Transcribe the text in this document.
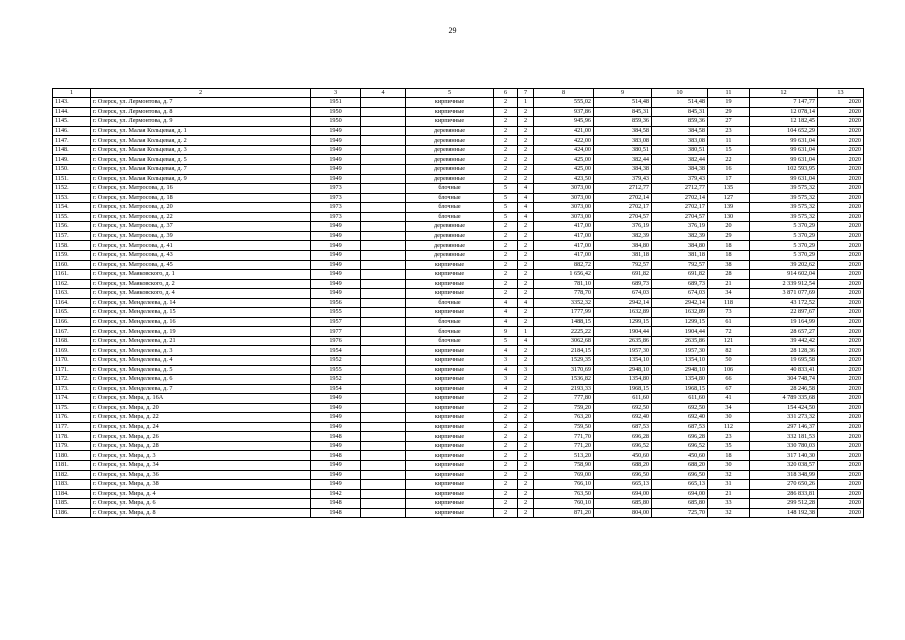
29
1	2	3	4	5	6	7	8	9	10	11	12	13
1143.	г. Озерск, ул. Лермонтова, д. 7	1951		кирпичные	2	1	555,02	514,48	514,48	19	7 147,77	2020
1144.	г. Озерск, ул. Лермонтова, д. 8	1950		кирпичные	2	2	937,86	845,31	845,31	29	12 078,14	2020
1145.	г. Озерск, ул. Лермонтова, д. 9	1950		кирпичные	2	2	945,96	859,36	859,36	27	12 182,45	2020
1146.	г. Озерск, ул. Малая Кольцевая, д. 1	1949		деревянные	2	2	421,00	384,58	384,58	23	104 652,29	2020
1147.	г. Озерск, ул. Малая Кольцевая, д. 2	1949		деревянные	2	2	422,00	383,08	383,08	11	99 631,04	2020
1148.	г. Озерск, ул. Малая Кольцевая, д. 3	1949		деревянные	2	2	424,00	380,51	380,51	15	99 631,04	2020
1149.	г. Озерск, ул. Малая Кольцевая, д. 5	1949		деревянные	2	2	425,00	382,44	382,44	22	99 631,04	2020
1150.	г. Озерск, ул. Малая Кольцевая, д. 7	1949		деревянные	2	2	425,00	384,38	384,38	16	102 593,95	2020
1151.	г. Озерск, ул. Малая Кольцевая, д. 9	1949		деревянные	2	2	423,50	379,43	379,43	17	99 631,04	2020
1152.	г. Озерск, ул. Матросова, д. 16	1973		блочные	5	4	3073,00	2712,77	2712,77	135	39 575,32	2020
1153.	г. Озерск, ул. Матросова, д. 18	1973		блочные	5	4	3073,00	2702,14	2702,14	127	39 575,32	2020
1154.	г. Озерск, ул. Матросова, д. 20	1973		блочные	5	4	3073,00	2702,17	2702,17	139	39 575,32	2020
1155.	г. Озерск, ул. Матросова, д. 22	1973		блочные	5	4	3073,00	2704,57	2704,57	130	39 575,32	2020
1156.	г. Озерск, ул. Матросова, д. 37	1949		деревянные	2	2	417,00	376,19	376,19	20	5 370,29	2020
1157.	г. Озерск, ул. Матросова, д. 39	1949		деревянные	2	2	417,00	382,39	382,39	29	5 370,29	2020
1158.	г. Озерск, ул. Матросова, д. 41	1949		деревянные	2	2	417,00	384,80	384,80	18	5 370,29	2020
1159.	г. Озерск, ул. Матросова, д. 43	1949		деревянные	2	2	417,00	381,18	381,18	18	5 370,29	2020
1160.	г. Озерск, ул. Матросова, д. 45	1949		кирпичные	2	2	882,72	792,57	792,57	38	39 202,62	2020
1161.	г. Озерск, ул. Маяковского, д. 1	1949		кирпичные	2	2	1 656,42	691,82	691,82	28	914 602,04	2020
1162.	г. Озерск, ул. Маяковского, д. 2	1949		кирпичные	2	2	781,10	689,73	689,73	21	2 339 912,54	2020
1163.	г. Озерск, ул. Маяковского, д. 4	1949		кирпичные	2	2	778,70	674,03	674,03	34	3 871 077,69	2020
1164.	г. Озерск, ул. Менделеева, д. 14	1956		блочные	4	4	3352,32	2942,14	2942,14	118	43 172,52	2020
1165.	г. Озерск, ул. Менделеева, д. 15	1955		кирпичные	4	2	1777,99	1632,89	1632,89	73	22 897,67	2020
1166.	г. Озерск, ул. Менделеева, д. 16	1957		блочные	4	2	1488,15	1299,15	1299,15	61	19 164,99	2020
1167.	г. Озерск, ул. Менделеева, д. 19	1977		блочные	9	1	2225,22	1904,44	1904,44	72	28 657,27	2020
1168.	г. Озерск, ул. Менделеева, д. 21	1976		блочные	5	4	3062,68	2635,86	2635,86	121	39 442,42	2020
1169.	г. Озерск, ул. Менделеева, д. 3	1954		кирпичные	4	2	2184,15	1957,30	1957,30	82	28 128,36	2020
1170.	г. Озерск, ул. Менделеева, д. 4	1952		кирпичные	3	2	1529,35	1354,10	1354,10	50	19 695,58	2020
1171.	г. Озерск, ул. Менделеева, д. 5	1955		кирпичные	4	3	3170,69	2948,10	2948,10	106	40 833,41	2020
1172.	г. Озерск, ул. Менделеева, д. 6	1952		кирпичные	3	2	1536,82	1354,80	1354,80	66	304 748,74	2020
1173.	г. Озерск, ул. Менделеева, д. 7	1954		кирпичные	4	2	2193,33	1968,15	1968,15	67	28 246,58	2020
1174.	г. Озерск, ул. Мира, д. 16А	1949		кирпичные	2	2	777,80	611,60	611,60	41	4 789 335,68	2020
1175.	г. Озерск, ул. Мира, д. 20	1949		кирпичные	2	2	759,20	692,50	692,50	34	154 424,50	2020
1176.	г. Озерск, ул. Мира, д. 22	1949		кирпичные	2	2	763,20	692,40	692,40	30	331 273,32	2020
1177.	г. Озерск, ул. Мира, д. 24	1949		кирпичные	2	2	759,50	687,53	687,53	112	297 146,37	2020
1178.	г. Озерск, ул. Мира, д. 26	1948		кирпичные	2	2	771,70	696,28	696,28	23	332 181,53	2020
1179.	г. Озерск, ул. Мира, д. 28	1949		кирпичные	2	2	771,20	696,52	696,52	35	330 780,03	2020
1180.	г. Озерск, ул. Мира, д. 3	1948		кирпичные	2	2	513,20	450,60	450,60	18	317 140,30	2020
1181.	г. Озерск, ул. Мира, д. 34	1949		кирпичные	2	2	758,90	688,20	688,20	30	320 038,57	2020
1182.	г. Озерск, ул. Мира, д. 36	1949		кирпичные	2	2	769,00	696,50	696,50	32	318 348,99	2020
1183.	г. Озерск, ул. Мира, д. 38	1949		кирпичные	2	2	766,10	665,13	665,13	31	270 650,26	2020
1184.	г. Озерск, ул. Мира, д. 4	1942		кирпичные	2	2	763,50	694,00	694,00	21	286 833,81	2020
1185.	г. Озерск, ул. Мира, д. 6	1948		кирпичные	2	2	760,10	685,80	685,80	33	299 512,28	2020
1186.	г. Озерск, ул. Мира, д. 8	1948		кирпичные	2	2	871,20	804,00	725,70	32	148 192,38	2020
